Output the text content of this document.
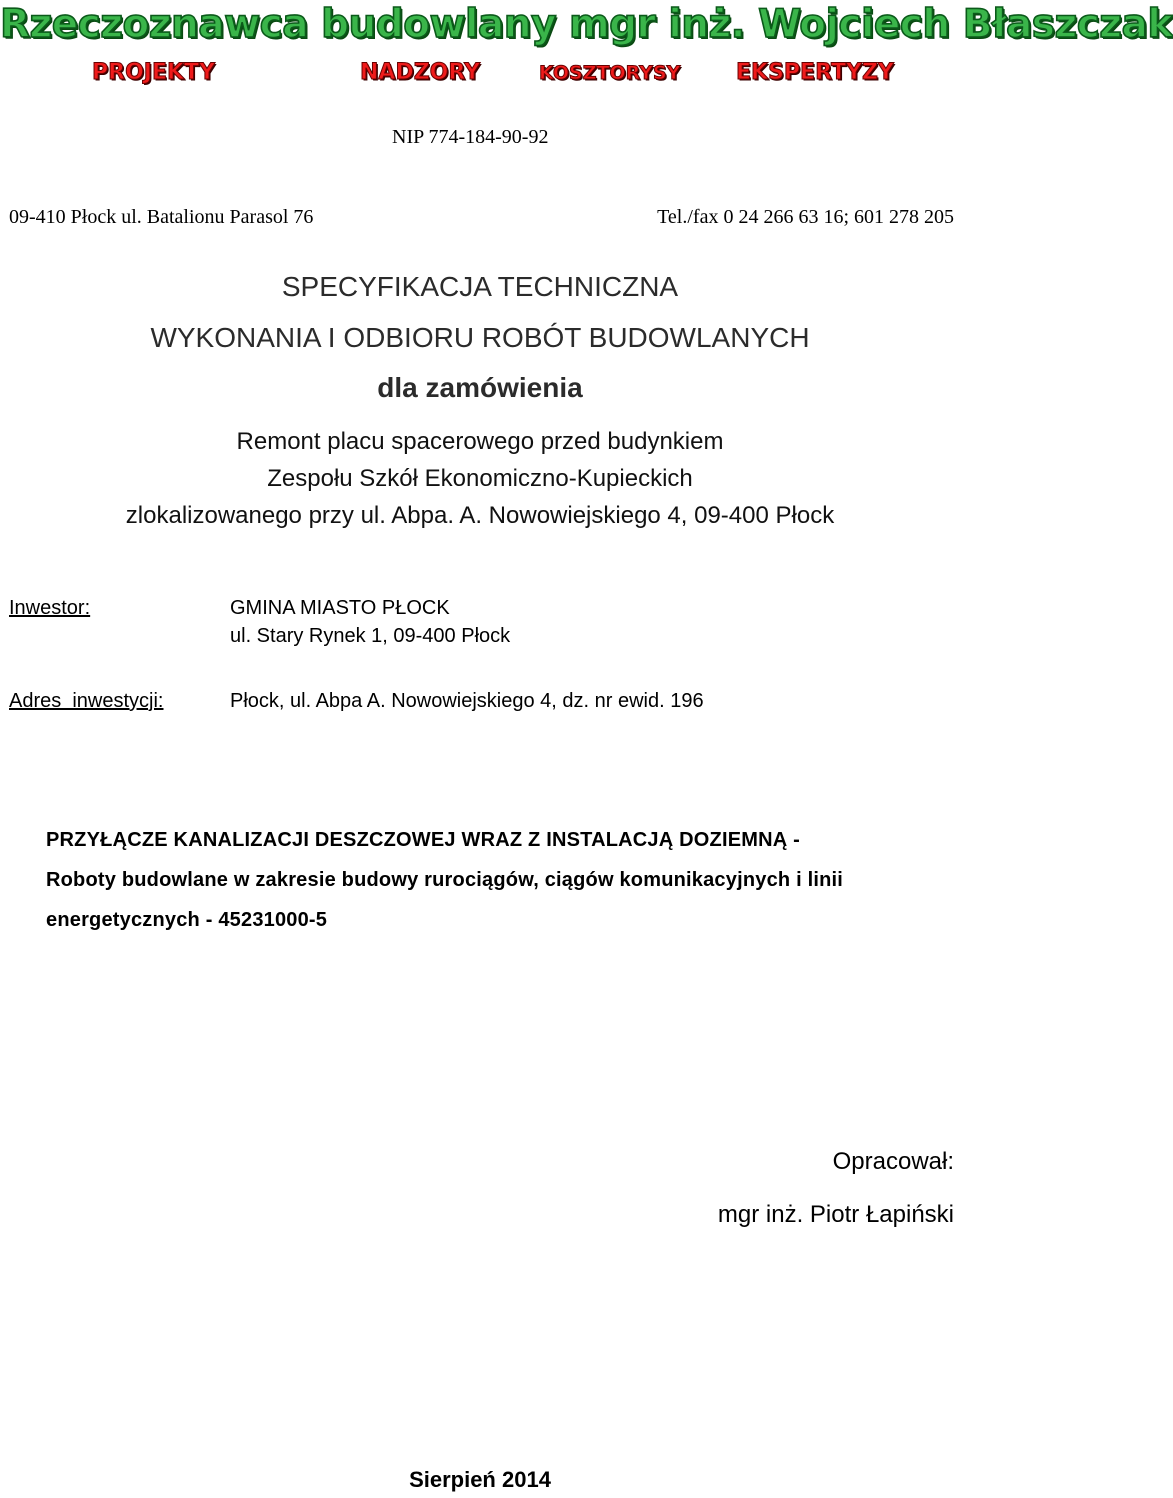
Rzeczoznawca budowlany mgr inż. Wojciech Błaszczak
PROJEKTY	NADZORY	KOSZTORYSY	EKSPERTYZY
NIP 774-184-90-92
09-410 Płock ul. Batalionu Parasol 76	Tel./fax 0 24 266 63 16; 601 278 205
SPECYFIKACJA TECHNICZNA
WYKONANIA I ODBIORU ROBÓT BUDOWLANYCH
dla zamówienia
Remont placu spacerowego przed budynkiem
Zespołu Szkół Ekonomiczno-Kupieckich
zlokalizowanego przy ul. Abpa. A. Nowowiejskiego 4, 09-400 Płock
Inwestor:	GMINA MIASTO PŁOCK
ul. Stary Rynek 1, 09-400 Płock
Adres  inwestycji:	Płock, ul. Abpa A. Nowowiejskiego 4, dz. nr ewid. 196
PRZYŁĄCZE KANALIZACJI DESZCZOWEJ WRAZ Z INSTALACJĄ DOZIEMNĄ -
Roboty budowlane w zakresie budowy rurociągów, ciągów komunikacyjnych i linii
energetycznych - 45231000-5
Opracował:
mgr inż. Piotr Łapiński
Sierpień 2014
